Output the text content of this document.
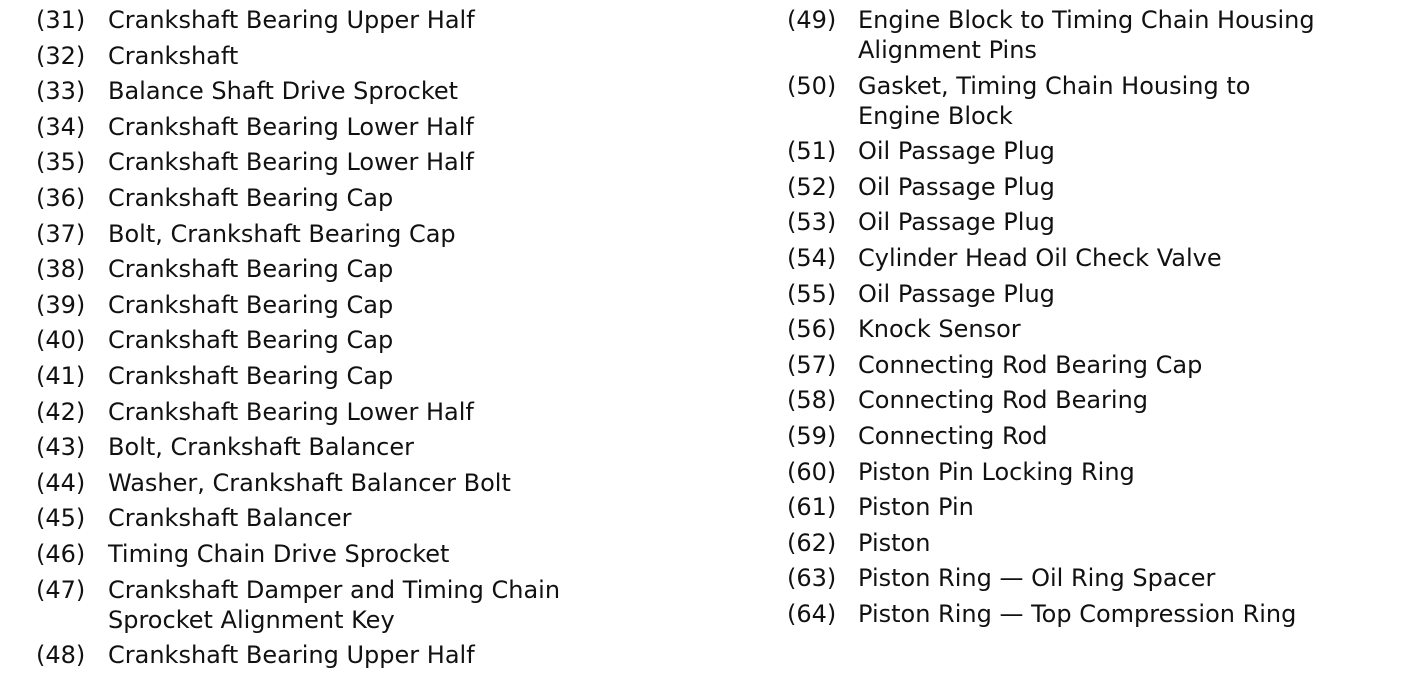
(31) Crankshaft Bearing Upper Half
(32) Crankshaft
(33) Balance Shaft Drive Sprocket
(34) Crankshaft Bearing Lower Half
(35) Crankshaft Bearing Lower Half
(36) Crankshaft Bearing Cap
(37) Bolt, Crankshaft Bearing Cap
(38) Crankshaft Bearing Cap
(39) Crankshaft Bearing Cap
(40) Crankshaft Bearing Cap
(41) Crankshaft Bearing Cap
(42) Crankshaft Bearing Lower Half
(43) Bolt, Crankshaft Balancer
(44) Washer, Crankshaft Balancer Bolt
(45) Crankshaft Balancer
(46) Timing Chain Drive Sprocket
(47) Crankshaft Damper and Timing Chain
Sprocket Alignment Key
(48) Crankshaft Bearing Upper Half
(49) Engine Block to Timing Chain Housing
Alignment Pins
(50) Gasket, Timing Chain Housing to
Engine Block
(51) Oil Passage Plug
(52) Oil Passage Plug
(53) Oil Passage Plug
(54) Cylinder Head Oil Check Valve
(55) Oil Passage Plug
(56) Knock Sensor
(57) Connecting Rod Bearing Cap
(58) Connecting Rod Bearing
(59) Connecting Rod
(60) Piston Pin Locking Ring
(61) Piston Pin
(62) Piston
(63) Piston Ring — Oil Ring Spacer
(64) Piston Ring — Top Compression Ring
